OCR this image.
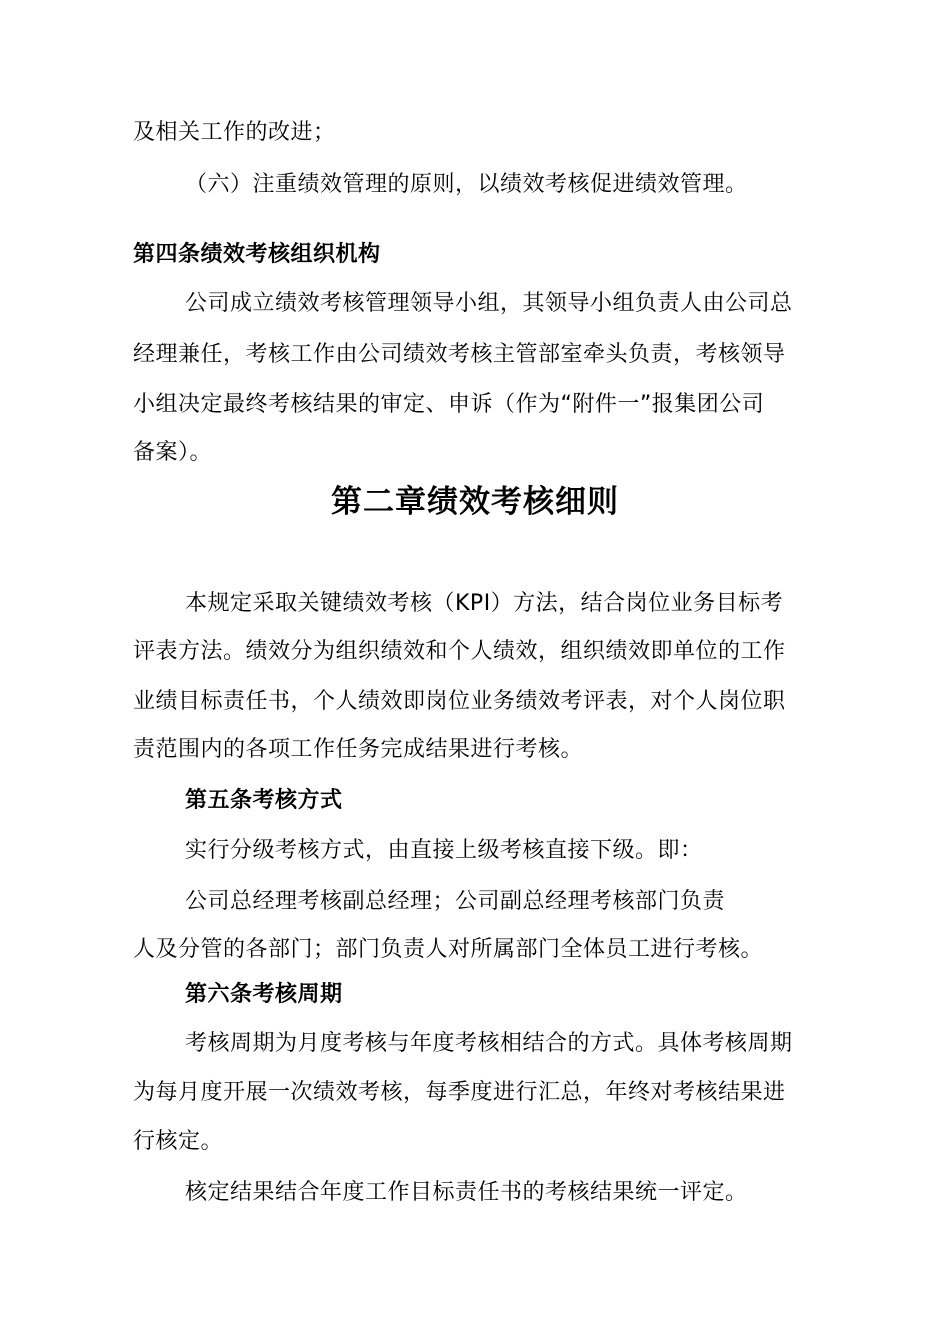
及相关工作的改进；
（六）注重绩效管理的原则，以绩效考核促进绩效管理。
第四条绩效考核组织机构
公司成立绩效考核管理领导小组，其领导小组负责人由公司总
经理兼任，考核工作由公司绩效考核主管部室牵头负责，考核领导
小组决定最终考核结果的审定、申诉（作为“附件一”报集团公司
备案）。
第二章绩效考核细则
本规定采取关键绩效考核（KPI）方法，结合岗位业务目标考
评表方法。绩效分为组织绩效和个人绩效，组织绩效即单位的工作
业绩目标责任书，个人绩效即岗位业务绩效考评表，对个人岗位职
责范围内的各项工作任务完成结果进行考核。
第五条考核方式
实行分级考核方式，由直接上级考核直接下级。即：
公司总经理考核副总经理；公司副总经理考核部门负责
人及分管的各部门；部门负责人对所属部门全体员工进行考核。
第六条考核周期
考核周期为月度考核与年度考核相结合的方式。具体考核周期
为每月度开展一次绩效考核，每季度进行汇总，年终对考核结果进
行核定。
核定结果结合年度工作目标责任书的考核结果统一评定。
